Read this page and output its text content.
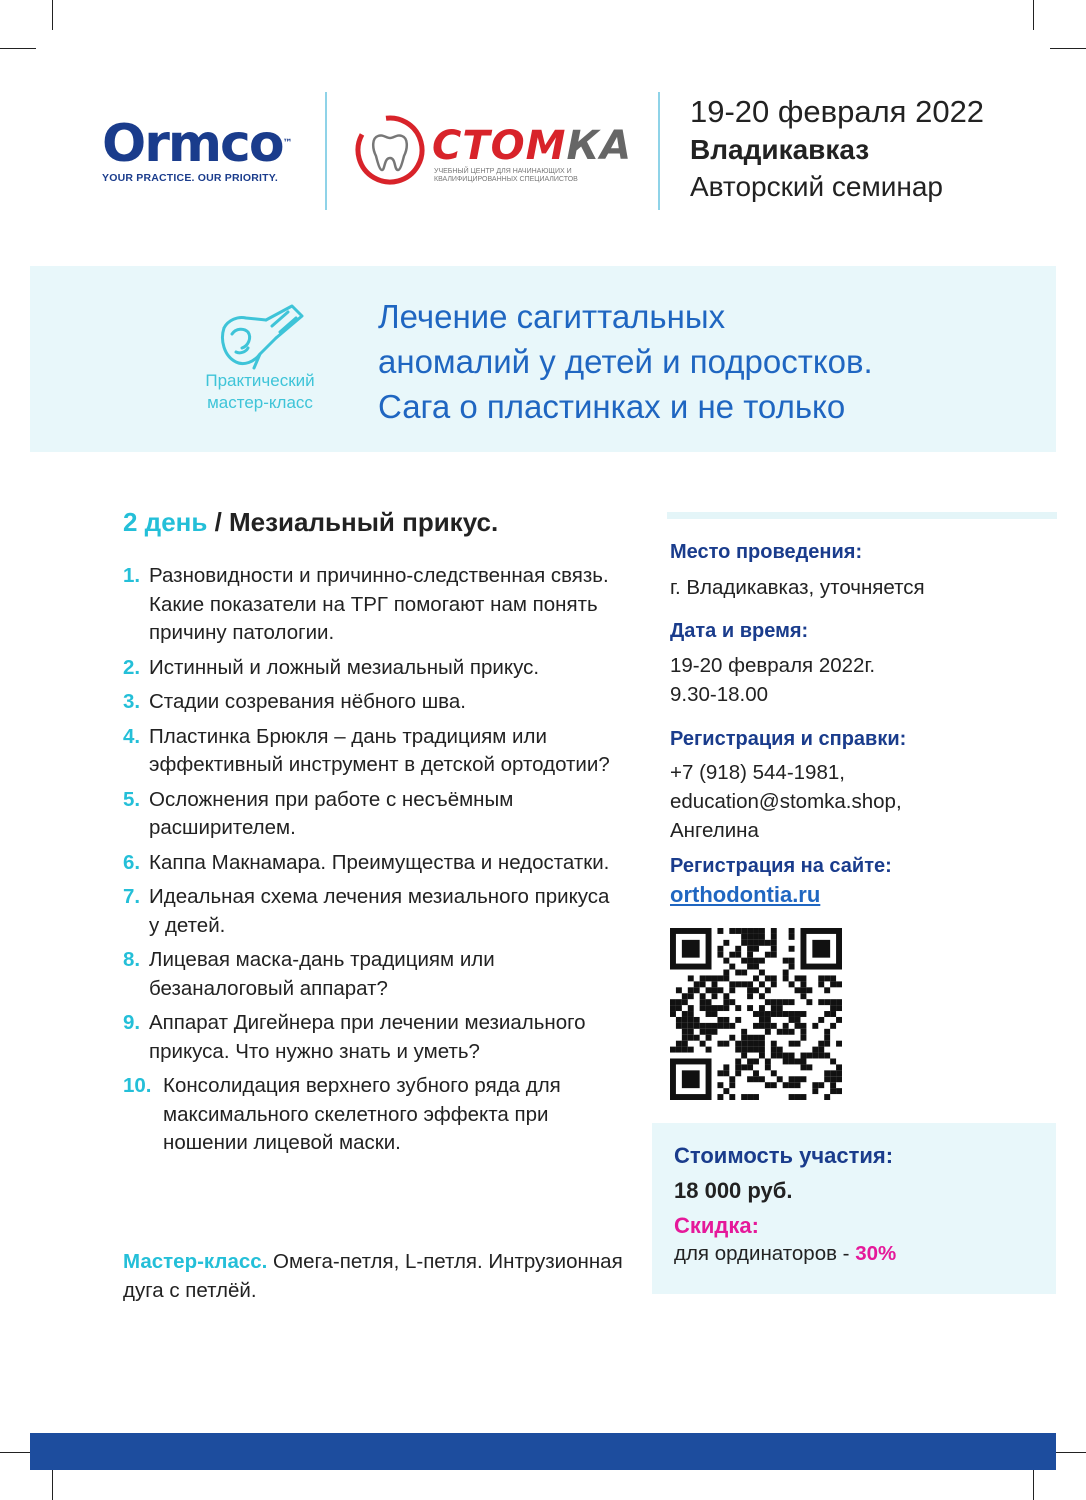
Ormco™
YOUR PRACTICE. OUR PRIORITY.
СТОМКА
УЧЕБНЫЙ ЦЕНТР ДЛЯ НАЧИНАЮЩИХ И КВАЛИФИЦИРОВАННЫХ СПЕЦИАЛИСТОВ
19-20 февраля 2022
Владикавказ
Авторский семинар
Практический
мастер-класс
Лечение сагиттальных
аномалий у детей и подростков.
Сага о пластинках и не только
2 день / Мезиальный прикус.
1. Разновидности и причинно-следственная связь. Какие показатели на ТРГ помогают нам понять причину патологии.
2. Истинный и ложный мезиальный прикус.
3. Стадии созревания нёбного шва.
4. Пластинка Брюкля – дань традициям или эффективный инструмент в детской ортодотии?
5. Осложнения при работе с несъёмным расширителем.
6. Каппа Макнамара. Преимущества и недостатки.
7. Идеальная схема лечения мезиального прикуса у детей.
8. Лицевая маска-дань традициям или безаналоговый аппарат?
9. Аппарат Дигейнера при лечении мезиального прикуса. Что нужно знать и уметь?
10. Консолидация верхнего зубного ряда для максимального скелетного эффекта при ношении лицевой маски.
Мастер-класс. Омега-петля, L-петля. Интрузионная дуга с петлёй.
Место проведения:
г. Владикавказ, уточняется
Дата и время:
19-20 февраля 2022г.
9.30-18.00
Регистрация и справки:
+7 (918) 544-1981,
education@stomka.shop,
Ангелина
Регистрация на сайте:
orthodontia.ru
Стоимость участия:
18 000 руб.
Скидка:
для ординаторов - 30%
